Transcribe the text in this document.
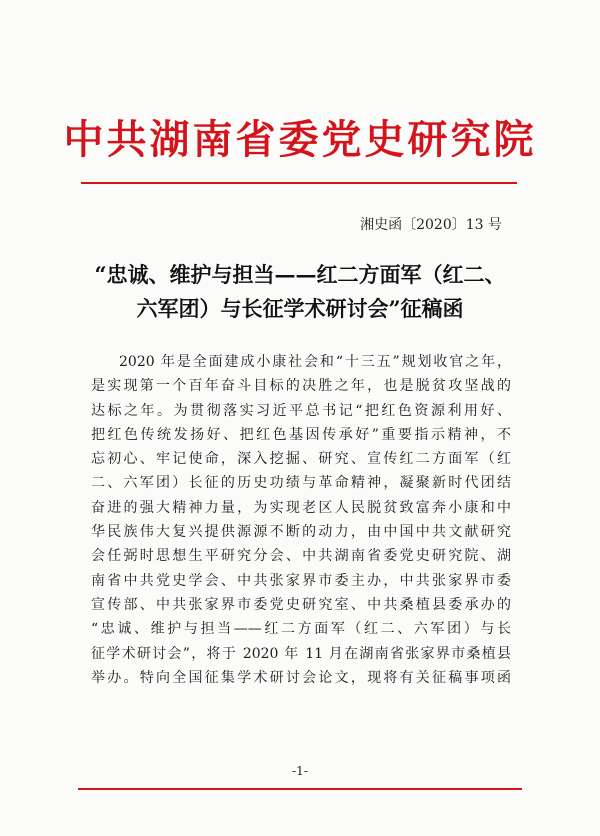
中共湖南省委党史研究院
湘史函〔2020〕13 号
“忠诚、维护与担当——红二方面军（红二、
六军团）与长征学术研讨会”征稿函
2020 年是全面建成小康社会和“十三五”规划收官之年，
是实现第一个百年奋斗目标的决胜之年，也是脱贫攻坚战的
达标之年。为贯彻落实习近平总书记“把红色资源利用好、
把红色传统发扬好、把红色基因传承好”重要指示精神，不
忘初心、牢记使命，深入挖掘、研究、宣传红二方面军（红
二、六军团）长征的历史功绩与革命精神，凝聚新时代团结
奋进的强大精神力量，为实现老区人民脱贫致富奔小康和中
华民族伟大复兴提供源源不断的动力，由中国中共文献研究
会任弼时思想生平研究分会、中共湖南省委党史研究院、湖
南省中共党史学会、中共张家界市委主办，中共张家界市委
宣传部、中共张家界市委党史研究室、中共桑植县委承办的
“忠诚、维护与担当——红二方面军（红二、六军团）与长
征学术研讨会”，将于 2020 年 11 月在湖南省张家界市桑植县
举办。特向全国征集学术研讨会论文，现将有关征稿事项函
-1-
